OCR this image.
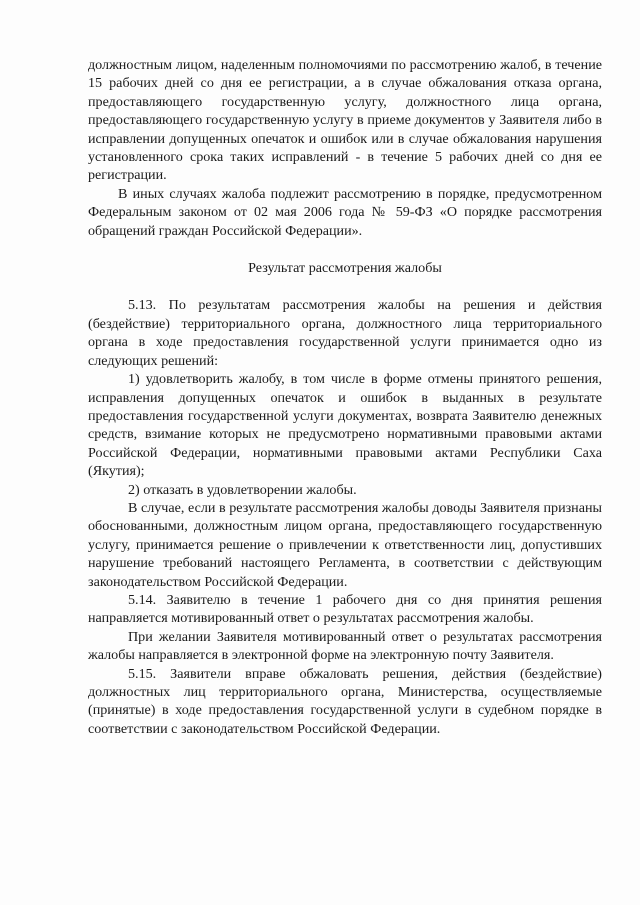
должностным лицом, наделенным полномочиями по рассмотрению жалоб, в течение 15 рабочих дней со дня ее регистрации, а в случае обжалования отказа органа, предоставляющего государственную услугу, должностного лица органа, предоставляющего государственную услугу в приеме документов у Заявителя либо в исправлении допущенных опечаток и ошибок или в случае обжалования нарушения установленного срока таких исправлений - в течение 5 рабочих дней со дня ее регистрации.

В иных случаях жалоба подлежит рассмотрению в порядке, предусмотренном Федеральным законом от 02 мая 2006 года № 59-ФЗ «О порядке рассмотрения обращений граждан Российской Федерации».

Результат рассмотрения жалобы

5.13. По результатам рассмотрения жалобы на решения и действия (бездействие) территориального органа, должностного лица территориального органа в ходе предоставления государственной услуги принимается одно из следующих решений:

1) удовлетворить жалобу, в том числе в форме отмены принятого решения, исправления допущенных опечаток и ошибок в выданных в результате предоставления государственной услуги документах, возврата Заявителю денежных средств, взимание которых не предусмотрено нормативными правовыми актами Российской Федерации, нормативными правовыми актами Республики Саха (Якутия);

2) отказать в удовлетворении жалобы.

В случае, если в результате рассмотрения жалобы доводы Заявителя признаны обоснованными, должностным лицом органа, предоставляющего государственную услугу, принимается решение о привлечении к ответственности лиц, допустивших нарушение требований настоящего Регламента, в соответствии с действующим законодательством Российской Федерации.

5.14. Заявителю в течение 1 рабочего дня со дня принятия решения направляется мотивированный ответ о результатах рассмотрения жалобы.

При желании Заявителя мотивированный ответ о результатах рассмотрения жалобы направляется в электронной форме на электронную почту Заявителя.

5.15. Заявители вправе обжаловать решения, действия (бездействие) должностных лиц территориального органа, Министерства, осуществляемые (принятые) в ходе предоставления государственной услуги в судебном порядке в соответствии с законодательством Российской Федерации.
